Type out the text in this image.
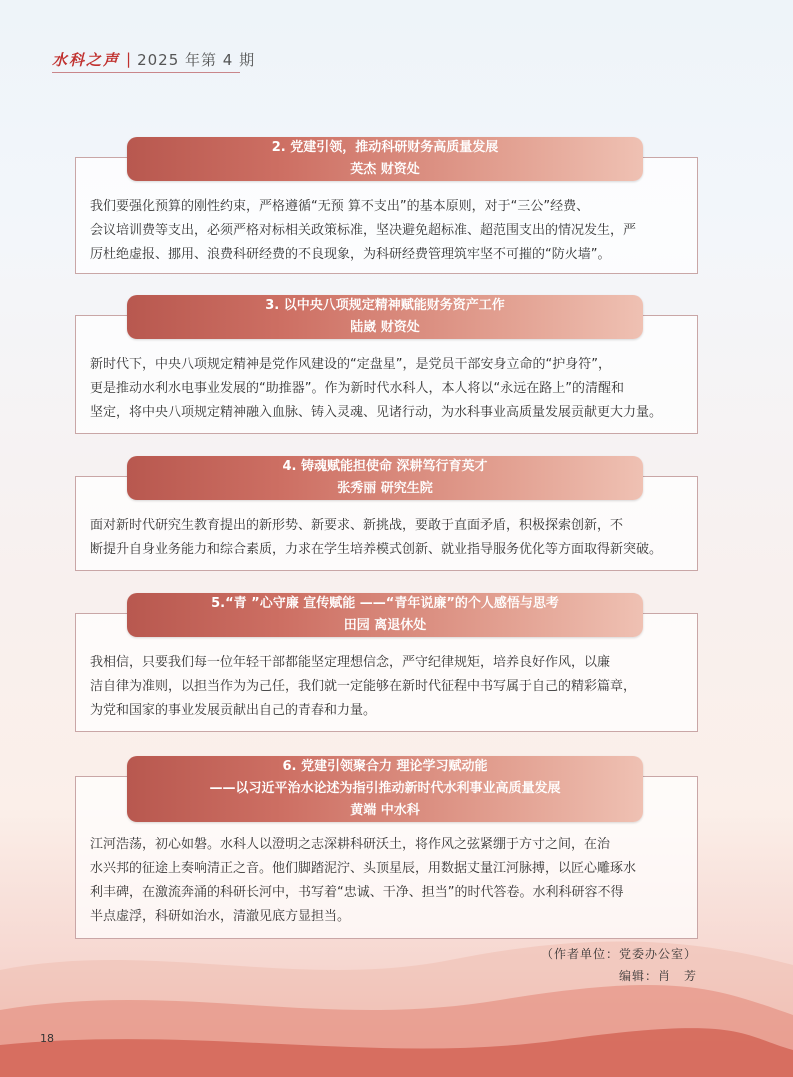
水科之声 | 2025 年第 4 期
我们要强化预算的刚性约束，严格遵循“无预 算不支出”的基本原则，对于“三公”经费、
会议培训费等支出，必须严格对标相关政策标准，坚决避免超标准、超范围支出的情况发生，严
厉杜绝虚报、挪用、浪费科研经费的不良现象，为科研经费管理筑牢坚不可摧的“防火墙”。
2. 党建引领，推动科研财务高质量发展
英杰 财资处
新时代下，中央八项规定精神是党作风建设的“定盘星”，是党员干部安身立命的“护身符”，
更是推动水利水电事业发展的“助推器”。作为新时代水科人，本人将以“永远在路上”的清醒和
坚定，将中央八项规定精神融入血脉、铸入灵魂、见诸行动，为水科事业高质量发展贡献更大力量。
3. 以中央八项规定精神赋能财务资产工作
陆崴 财资处
面对新时代研究生教育提出的新形势、新要求、新挑战，要敢于直面矛盾，积极探索创新，不
断提升自身业务能力和综合素质，力求在学生培养模式创新、就业指导服务优化等方面取得新突破。
4. 铸魂赋能担使命 深耕笃行育英才
张秀丽 研究生院
我相信，只要我们每一位年轻干部都能坚定理想信念，严守纪律规矩，培养良好作风，以廉
洁自律为准则，以担当作为为己任，我们就一定能够在新时代征程中书写属于自己的精彩篇章，
为党和国家的事业发展贡献出自己的青春和力量。
5.“青 ”心守廉 宣传赋能 ——“青年说廉”的个人感悟与思考
田园 离退休处
江河浩荡，初心如磐。水科人以澄明之志深耕科研沃土，将作风之弦紧绷于方寸之间，在治
水兴邦的征途上奏响清正之音。他们脚踏泥泞、头顶星辰，用数据丈量江河脉搏，以匠心雕琢水
利丰碑，在激流奔涌的科研长河中，书写着“忠诚、干净、担当”的时代答卷。水利科研容不得
半点虚浮，科研如治水，清澈见底方显担当。
6. 党建引领聚合力 理论学习赋动能
——以习近平治水论述为指引推动新时代水利事业高质量发展
黄端 中水科
（作者单位：党委办公室）
编辑：肖　芳
18
